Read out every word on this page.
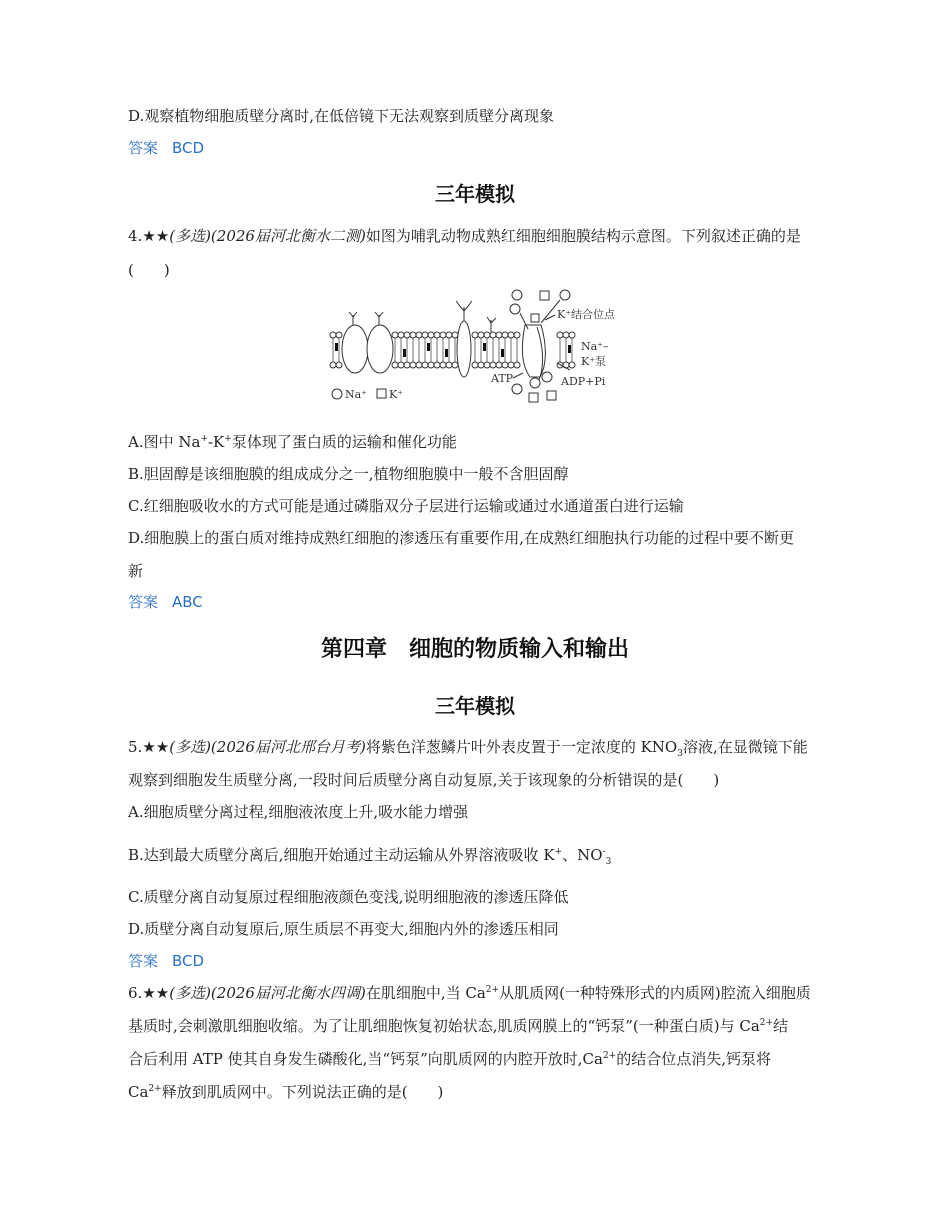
D.观察植物细胞质壁分离时,在低倍镜下无法观察到质壁分离现象
答案 BCD
三年模拟
4.★★(多选)(2026届河北衡水二测)如图为哺乳动物成熟红细胞细胞膜结构示意图。下列叙述正确的是
(　　)
K⁺结合位点
Na⁺–
K⁺泵
ATP	ADP+Pi
Na⁺ K⁺
A.图中 Na+-K+泵体现了蛋白质的运输和催化功能
B.胆固醇是该细胞膜的组成成分之一,植物细胞膜中一般不含胆固醇
C.红细胞吸收水的方式可能是通过磷脂双分子层进行运输或通过水通道蛋白进行运输
D.细胞膜上的蛋白质对维持成熟红细胞的渗透压有重要作用,在成熟红细胞执行功能的过程中要不断更
新
答案 ABC
第四章 细胞的物质输入和输出
三年模拟
5.★★(多选)(2026届河北邢台月考)将紫色洋葱鳞片叶外表皮置于一定浓度的 $KNO_3$溶液,在显微镜下能
观察到细胞发生质壁分离,一段时间后质壁分离自动复原,关于该现象的分析错误的是(　　)
A.细胞质壁分离过程,细胞液浓度上升,吸水能力增强
B.达到最大质壁分离后,细胞开始通过主动运输从外界溶液吸收 K+、$NO^-_3$
C.质壁分离自动复原过程细胞液颜色变浅,说明细胞液的渗透压降低
D.质壁分离自动复原后,原生质层不再变大,细胞内外的渗透压相同
答案 BCD
6.★★(多选)(2026届河北衡水四调)在肌细胞中,当 $Ca^{2+}$从肌质网(一种特殊形式的内质网)腔流入细胞质
基质时,会刺激肌细胞收缩。为了让肌细胞恢复初始状态,肌质网膜上的“钙泵”(一种蛋白质)与 $Ca^{2+}$结
合后利用 ATP 使其自身发生磷酸化,当“钙泵”向肌质网的内腔开放时$,Ca^{2+}$的结合位点消失,钙泵将
$Ca^{2+}$释放到肌质网中。下列说法正确的是(　　)
